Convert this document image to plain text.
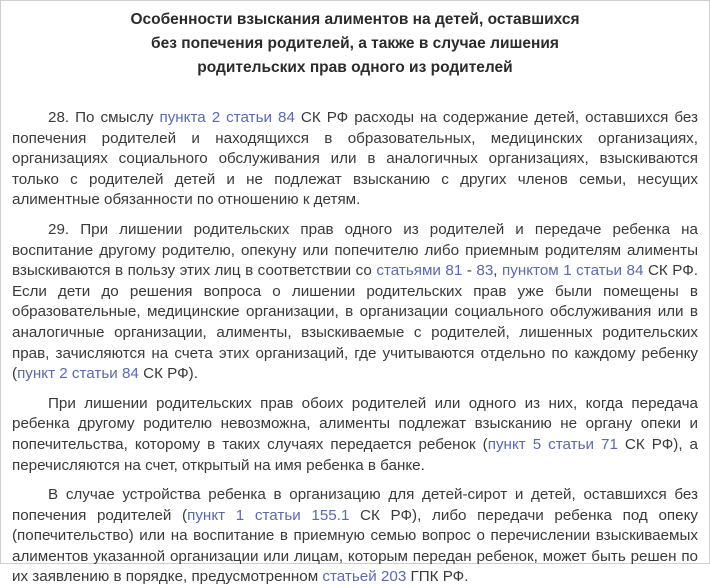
Особенности взыскания алиментов на детей, оставшихся
без попечения родителей, а также в случае лишения
родительских прав одного из родителей

28. По смыслу пункта 2 статьи 84 СК РФ расходы на содержание детей, оставшихся без попечения родителей и находящихся в образовательных, медицинских организациях, организациях социального обслуживания или в аналогичных организациях, взыскиваются только с родителей детей и не подлежат взысканию с других членов семьи, несущих алиментные обязанности по отношению к детям.

29. При лишении родительских прав одного из родителей и передаче ребенка на воспитание другому родителю, опекуну или попечителю либо приемным родителям алименты взыскиваются в пользу этих лиц в соответствии со статьями 81 - 83, пунктом 1 статьи 84 СК РФ. Если дети до решения вопроса о лишении родительских прав уже были помещены в образовательные, медицинские организации, в организации социального обслуживания или в аналогичные организации, алименты, взыскиваемые с родителей, лишенных родительских прав, зачисляются на счета этих организаций, где учитываются отдельно по каждому ребенку (пункт 2 статьи 84 СК РФ).

При лишении родительских прав обоих родителей или одного из них, когда передача ребенка другому родителю невозможна, алименты подлежат взысканию не органу опеки и попечительства, которому в таких случаях передается ребенок (пункт 5 статьи 71 СК РФ), а перечисляются на счет, открытый на имя ребенка в банке.

В случае устройства ребенка в организацию для детей-сирот и детей, оставшихся без попечения родителей (пункт 1 статьи 155.1 СК РФ), либо передачи ребенка под опеку (попечительство) или на воспитание в приемную семью вопрос о перечислении взыскиваемых алиментов указанной организации или лицам, которым передан ребенок, может быть решен по их заявлению в порядке, предусмотренном статьей 203 ГПК РФ.
